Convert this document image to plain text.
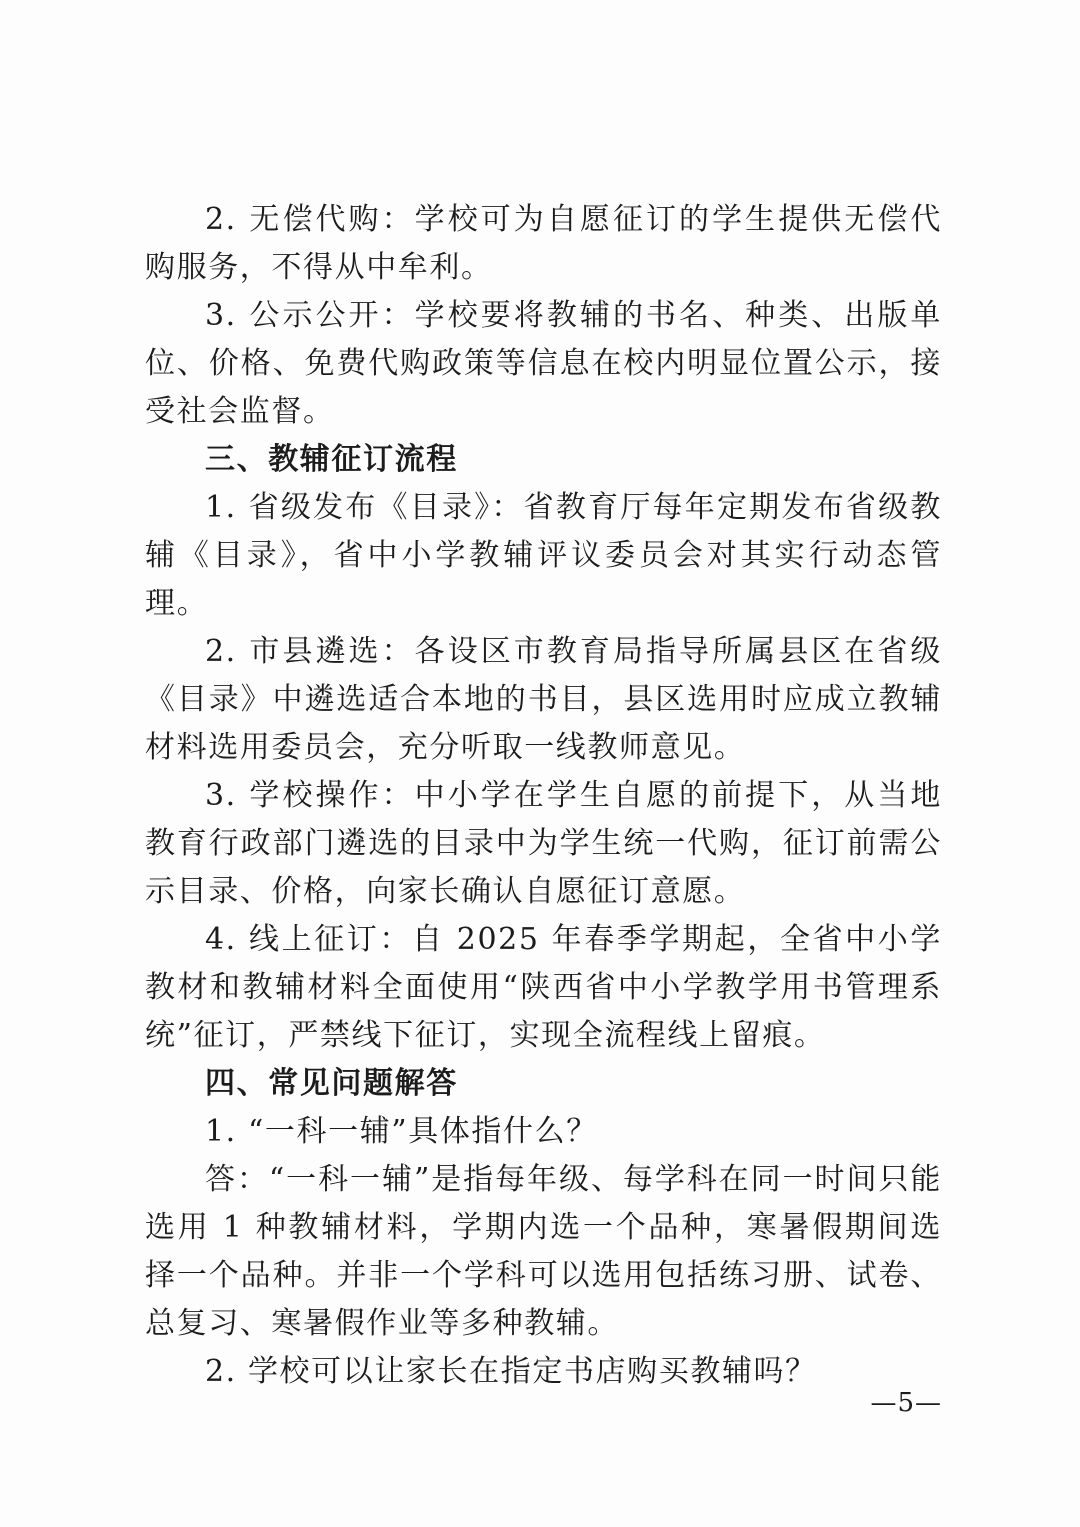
2. 无偿代购：学校可为自愿征订的学生提供无偿代购服务，不得从中牟利。

3. 公示公开：学校要将教辅的书名、种类、出版单位、价格、免费代购政策等信息在校内明显位置公示，接受社会监督。

三、教辅征订流程

1. 省级发布《目录》：省教育厅每年定期发布省级教辅《目录》，省中小学教辅评议委员会对其实行动态管理。

2. 市县遴选：各设区市教育局指导所属县区在省级《目录》中遴选适合本地的书目，县区选用时应成立教辅材料选用委员会，充分听取一线教师意见。

3. 学校操作：中小学在学生自愿的前提下，从当地教育行政部门遴选的目录中为学生统一代购，征订前需公示目录、价格，向家长确认自愿征订意愿。

4. 线上征订：自 2025 年春季学期起，全省中小学教材和教辅材料全面使用“陕西省中小学教学用书管理系统”征订，严禁线下征订，实现全流程线上留痕。

四、常见问题解答

1. “一科一辅”具体指什么？

答：“一科一辅”是指每年级、每学科在同一时间只能选用 1 种教辅材料，学期内选一个品种，寒暑假期间选择一个品种。并非一个学科可以选用包括练习册、试卷、总复习、寒暑假作业等多种教辅。

2. 学校可以让家长在指定书店购买教辅吗？

—5—
